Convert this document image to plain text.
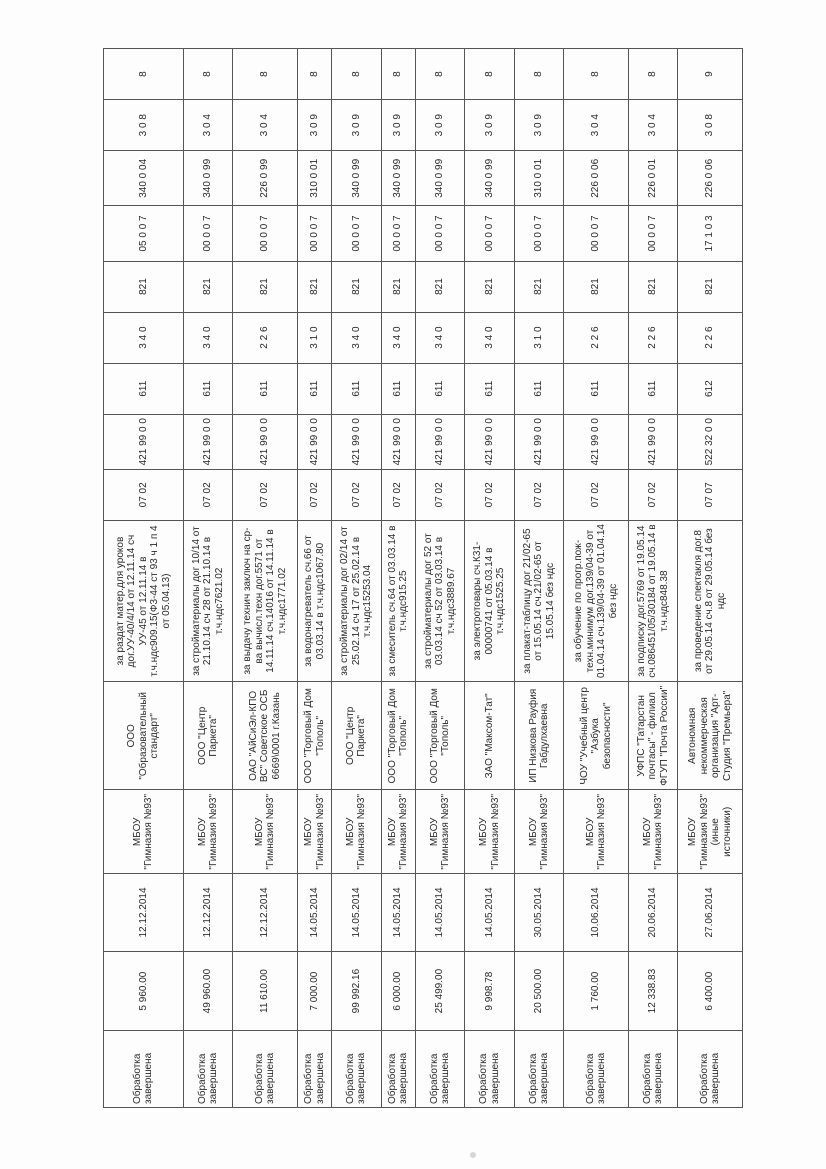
Обработка завершена	5 960.00	12.12.2014	МБОУ "Гимназия №93"	ООО "Образовательный стандарт"	за раздат матер.для уроков дог.УУ-40/4/14 от 12.11.14 сч УУ-45 от 12.11.14 в т.ч.ндс909.15(Ф3-44 ст 93 ч 1 п 4 от 05.04.13)	07 02	421 99 0 0	611	3 4 0	821	05 0 0 7	340 0 04	3 0 8	8
Обработка завершена	49 960.00	12.12.2014	МБОУ "Гимназия №93"	ООО "Центр Паркета"	за стройматериалы дог 10/14 от 21.10.14 сч 28 от 21.10.14 в т.ч.ндс7621.02	07 02	421 99 0 0	611	3 4 0	821	00 0 0 7	340 0 99	3 0 4	8
Обработка завершена	11 610.00	12.12.2014	МБОУ "Гимназия №93"	ОАО "АйСиЭл-КПО ВС" Советское ОСБ 6669\0001 г.Казань	за выдачу технич заключ на ср-ва вычисл.техн дог.5571 от 14.11.14 сч.14016 от 14.11.14 в т.ч.ндс1771.02	07 02	421 99 0 0	611	2 2 6	821	00 0 0 7	226 0 99	3 0 4	8
Обработка завершена	7 000.00	14.05.2014	МБОУ "Гимназия №93"	ООО "Торговый Дом "Тополь"	за водонагреватель сч.66 от 03.03.14 в т.ч.ндс1067.80	07 02	421 99 0 0	611	3 1 0	821	00 0 0 7	310 0 01	3 0 9	8
Обработка завершена	99 992.16	14.05.2014	МБОУ "Гимназия №93"	ООО "Центр Паркета"	за стройматериалы дог 02/14 от 25.02.14 сч 17 от 25.02.14 в т.ч.ндс15253.04	07 02	421 99 0 0	611	3 4 0	821	00 0 0 7	340 0 99	3 0 9	8
Обработка завершена	6 000.00	14.05.2014	МБОУ "Гимназия №93"	ООО "Торговый Дом "Тополь"	за смеситель сч.64 от 03.03.14 в т.ч.ндс915.25	07 02	421 99 0 0	611	3 4 0	821	00 0 0 7	340 0 99	3 0 9	8
Обработка завершена	25 499.00	14.05.2014	МБОУ "Гимназия №93"	ООО "Торговый Дом "Тополь"	за стройматериалы дог 52 от 03.03.14 сч 52 от 03.03.14 в т.ч.ндс3889.67	07 02	421 99 0 0	611	3 4 0	821	00 0 0 7	340 0 99	3 0 9	8
Обработка завершена	9 998.78	14.05.2014	МБОУ "Гимназия №93"	ЗАО "Максом-Тат"	за электротовары сч.К31-00000741 от 05.03.14 в т.ч.ндс1525.25	07 02	421 99 0 0	611	3 4 0	821	00 0 0 7	340 0 99	3 0 9	8
Обработка завершена	20 500.00	30.05.2014	МБОУ "Гимназия №93"	ИП Низкова Рауфия Габдулхаевна	за плакат-таблицу дог 21/02-65 от 15.05.14 сч.21/02-65 от 15.05.14 без ндс	07 02	421 99 0 0	611	3 1 0	821	00 0 0 7	310 0 01	3 0 9	8
Обработка завершена	1 760.00	10.06.2014	МБОУ "Гимназия №93"	ЧОУ "Учебный центр "Азбука безопасности"	за обучение по прогр.пож-техн.минимум дог.139/04-39 от 01.04.14 сч.139/04-39 от 01.04.14 без ндс	07 02	421 99 0 0	611	2 2 6	821	00 0 0 7	226 0 06	3 0 4	8
Обработка завершена	12 338.83	20.06.2014	МБОУ "Гимназия №93"	УФПС "Татарстан почтасы" - филиал ФГУП "Почта России"	за подписку дог.5769 от 19.05.14 сч.086451/05/30184 от 19.05.14 в т.ч.ндс848.38	07 02	421 99 0 0	611	2 2 6	821	00 0 0 7	226 0 01	3 0 4	8
Обработка завершена	6 400.00	27.06.2014	МБОУ "Гимназия №93" (иные источники)	Автономная некоммерческая организация "Арт-Студия "Премьера"	за проведение спектакля дог.8 от 29.05.14 сч.8 от 29.05.14 без ндс	07 07	522 32 0 0	612	2 2 6	821	17 1 0 3	226 0 06	3 0 8	9
